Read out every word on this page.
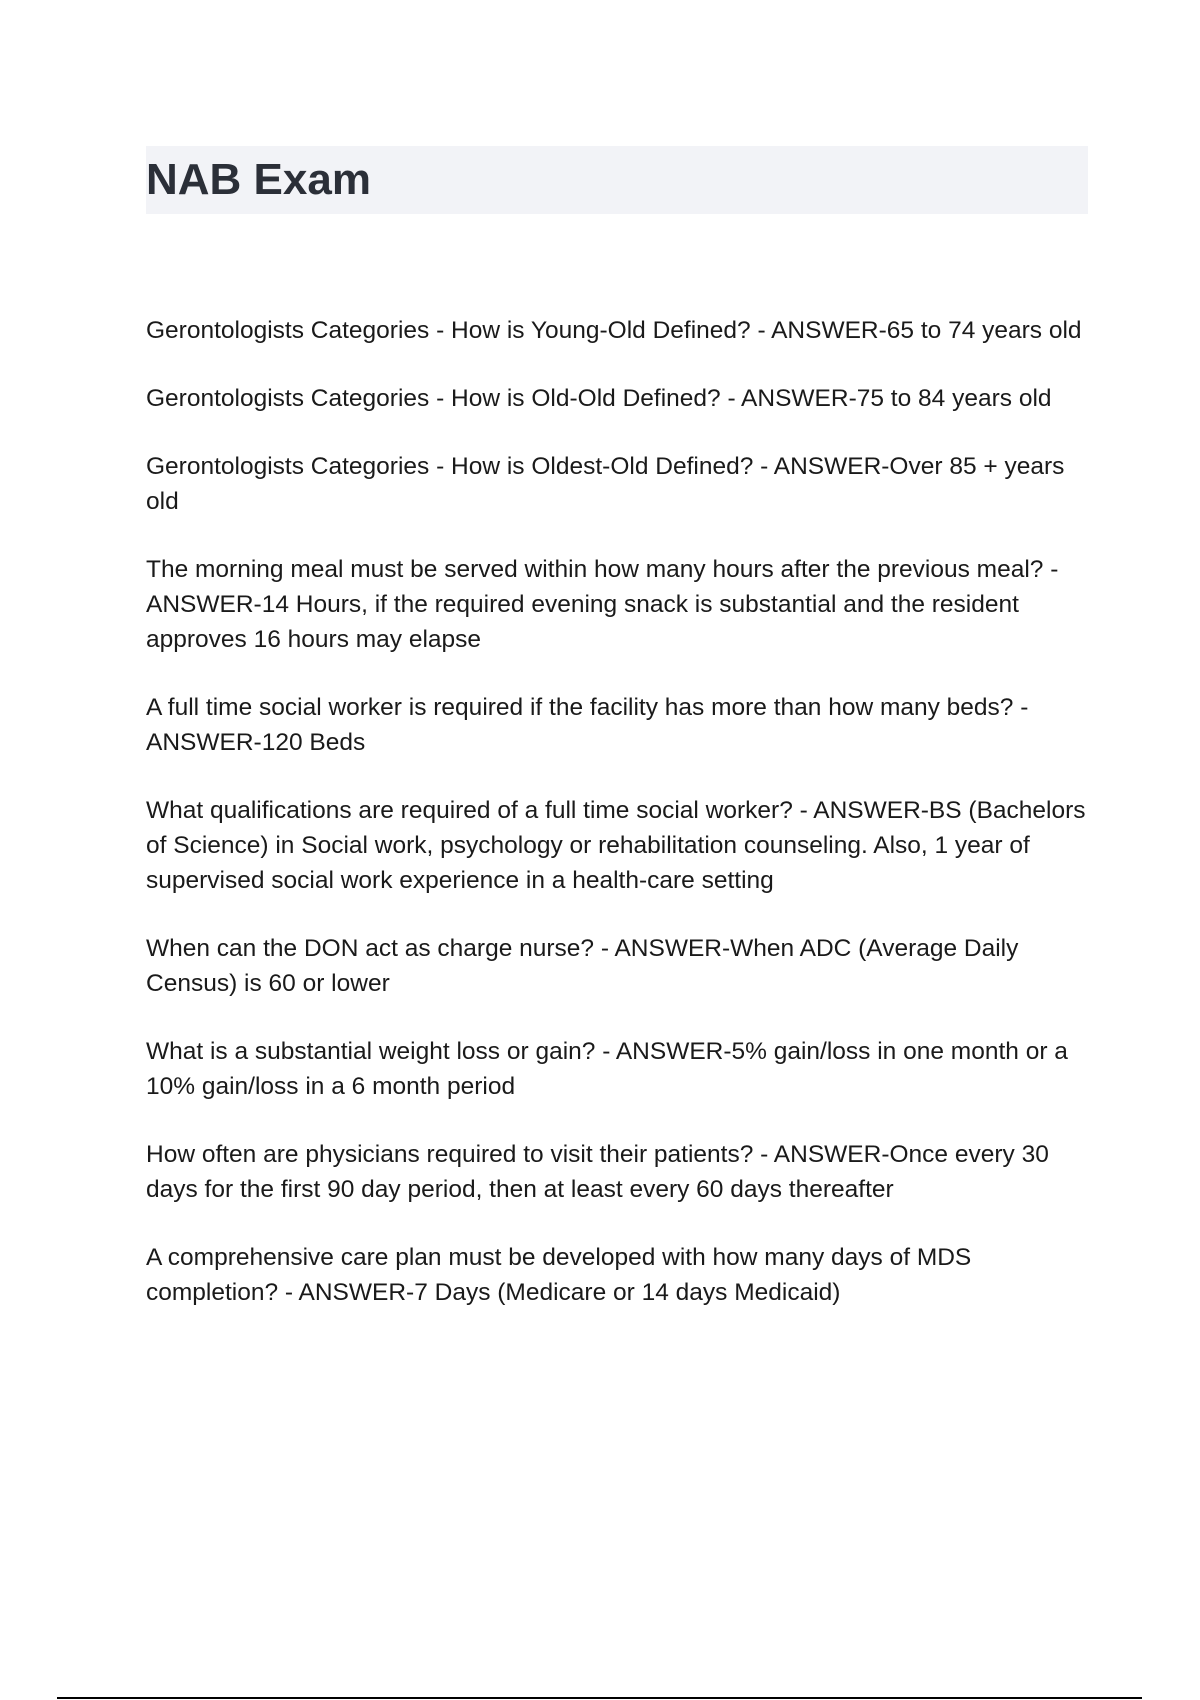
NAB Exam

Gerontologists Categories - How is Young-Old Defined? - ANSWER-65 to 74 years old

Gerontologists Categories - How is Old-Old Defined? - ANSWER-75 to 84 years old

Gerontologists Categories - How is Oldest-Old Defined? - ANSWER-Over 85 + years old

The morning meal must be served within how many hours after the previous meal? - ANSWER-14 Hours, if the required evening snack is substantial and the resident approves 16 hours may elapse

A full time social worker is required if the facility has more than how many beds? - ANSWER-120 Beds

What qualifications are required of a full time social worker? - ANSWER-BS (Bachelors of Science) in Social work, psychology or rehabilitation counseling. Also, 1 year of supervised social work experience in a health-care setting

When can the DON act as charge nurse? - ANSWER-When ADC (Average Daily Census) is 60 or lower

What is a substantial weight loss or gain? - ANSWER-5% gain/loss in one month or a 10% gain/loss in a 6 month period

How often are physicians required to visit their patients? - ANSWER-Once every 30 days for the first 90 day period, then at least every 60 days thereafter

A comprehensive care plan must be developed with how many days of MDS completion? - ANSWER-7 Days (Medicare or 14 days Medicaid)
